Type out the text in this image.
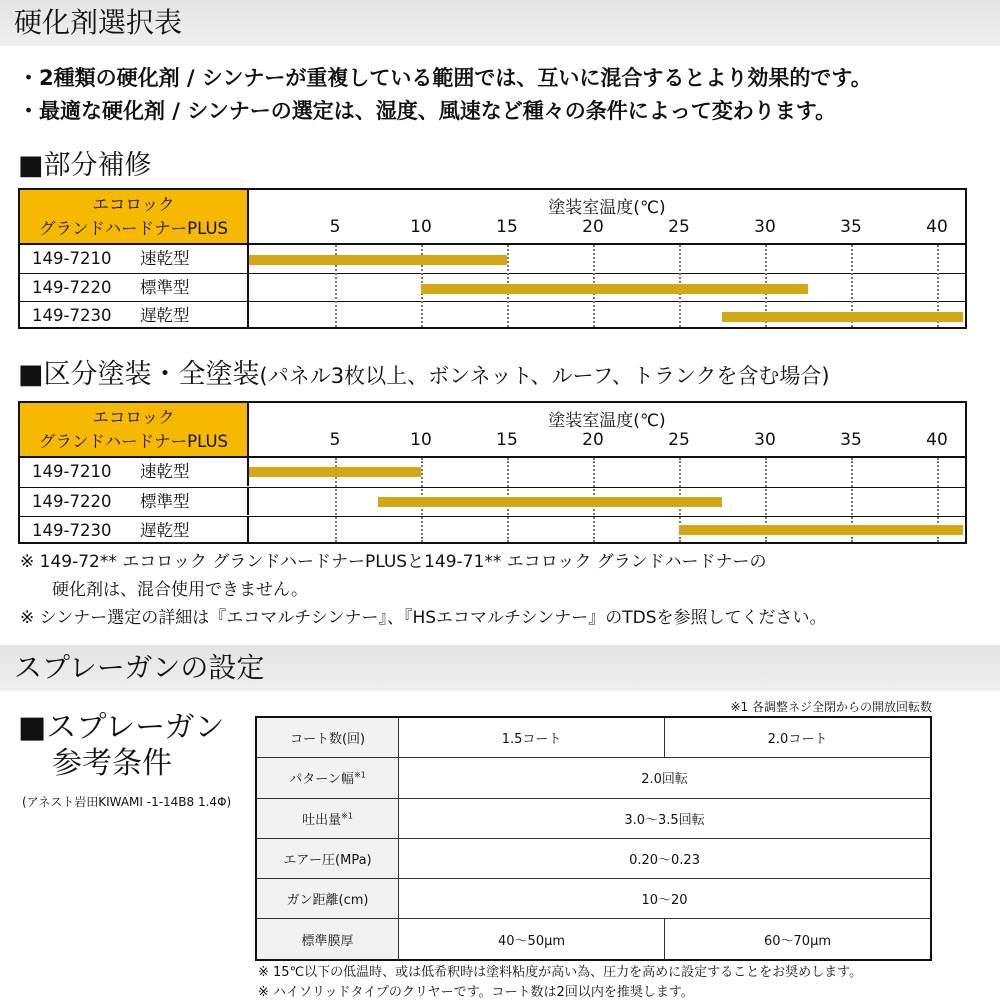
硬化剤選択表
・2種類の硬化剤 / シンナーが重複している範囲では、互いに混合するとより効果的です。
・最適な硬化剤 / シンナーの選定は、湿度、風速など種々の条件によって変わります。
■部分補修
エコロック
グランドハードナーPLUS
塗装室温度(℃)
5	10	15	20	25	30	35	40
149-7210 速乾型
149-7220 標準型
149-7230 遅乾型
■区分塗装・全塗装(パネル3枚以上、ボンネット、ルーフ、トランクを含む場合)
エコロック
グランドハードナーPLUS
塗装室温度(℃)
5	10	15	20	25	30	35	40
149-7210 速乾型
149-7220 標準型
149-7230 遅乾型
※ 149-72** エコロック グランドハードナーPLUSと149-71** エコロック グランドハードナーの
硬化剤は、混合使用できません。
※ シンナー選定の詳細は『エコマルチシンナー』、『HSエコマルチシンナー』のTDSを参照してください。
スプレーガンの設定
■スプレーガン
参考条件
(アネスト岩田KIWAMI -1-14B8 1.4Φ)
※1 各調整ネジ全閉からの開放回転数
コート数(回)	1.5コート	2.0コート
パターン幅$^{※1}$	2.0回転	
吐出量$^{※1}$	3.0〜3.5回転	
エアー圧(MPa)	0.20〜0.23	
ガン距離(cm)	10〜20	
標準膜厚	40〜50μm	60〜70μm
※ 15℃以下の低温時、或は低希釈時は塗料粘度が高い為、圧力を高めに設定することをお奨めします。
※ ハイソリッドタイプのクリヤーです。コート数は2回以内を推奨します。
